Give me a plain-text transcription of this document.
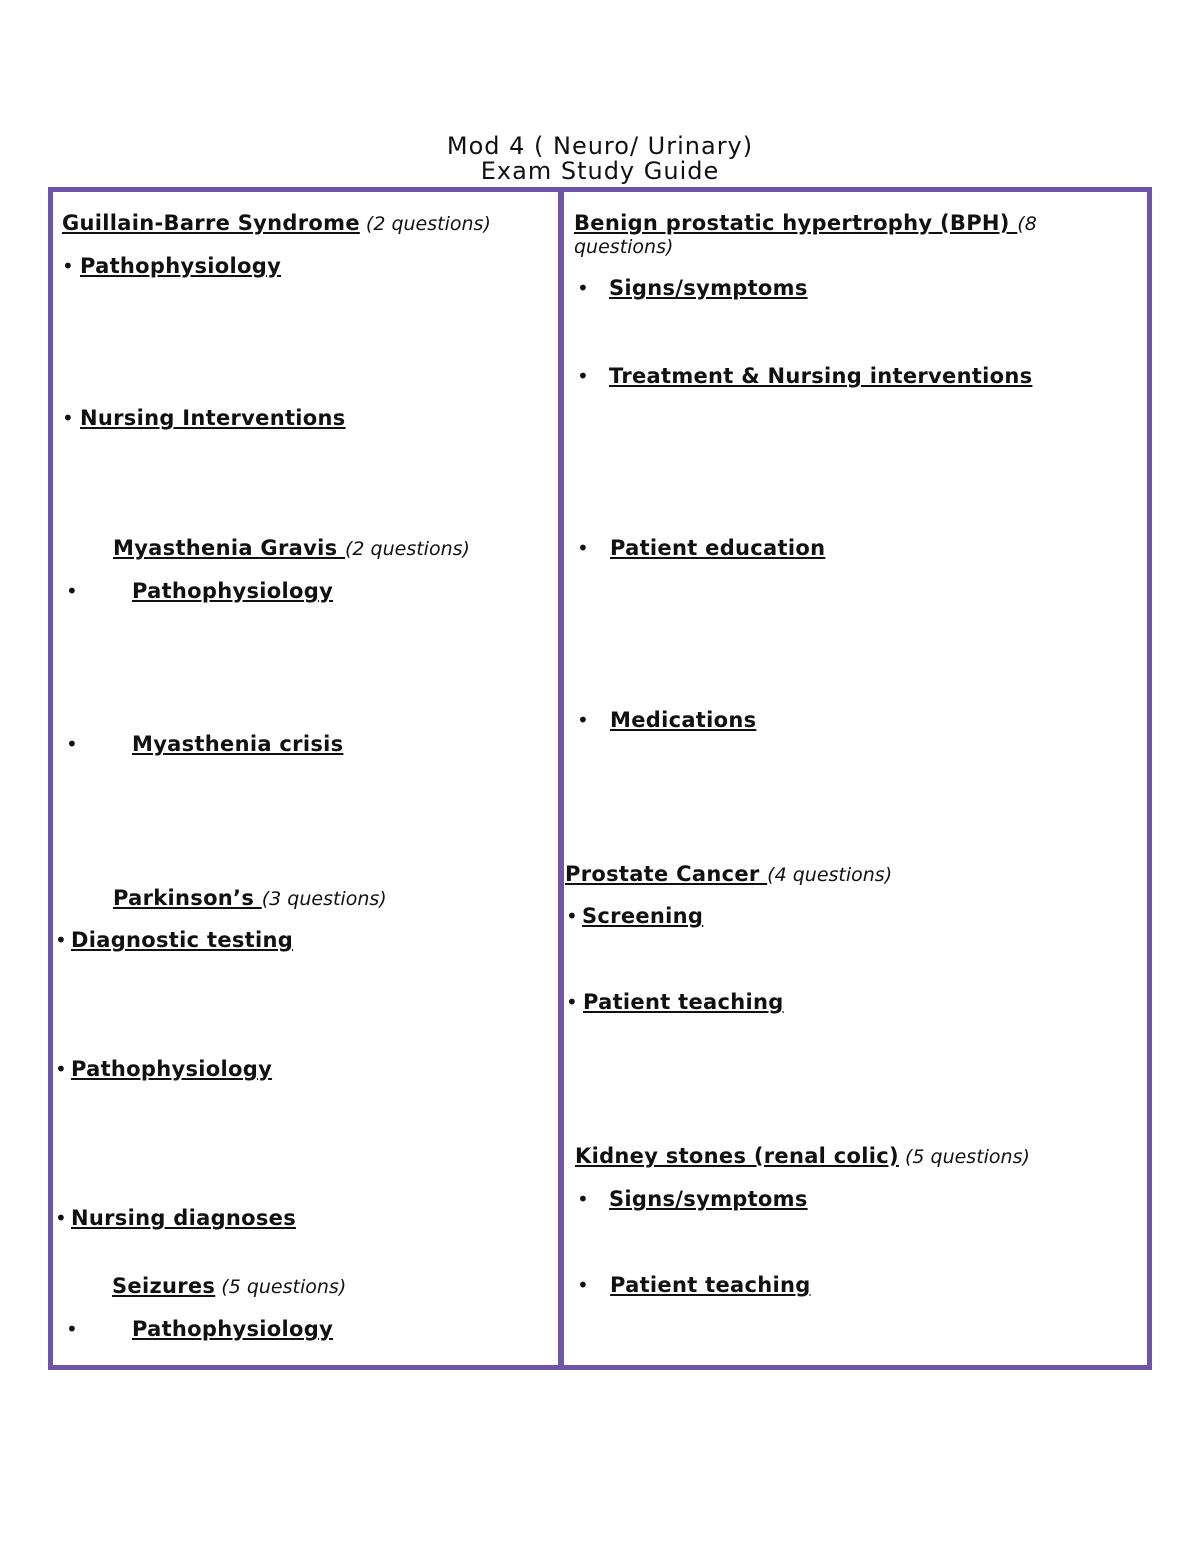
Mod 4 ( Neuro/ Urinary)
Exam Study Guide
Guillain-Barre Syndrome (2 questions)
• Pathophysiology
• Nursing Interventions
Myasthenia Gravis (2 questions)
•	Pathophysiology
•	Myasthenia crisis
Parkinson’s (3 questions)
• Diagnostic testing
• Pathophysiology
• Nursing diagnoses
Seizures (5 questions)
•	Pathophysiology
Benign prostatic hypertrophy (BPH) (8
questions)
• Signs/symptoms
• Treatment & Nursing interventions
• Patient education
• Medications
Prostate Cancer (4 questions)
• Screening
• Patient teaching
Kidney stones (renal colic) (5 questions)
• Signs/symptoms
• Patient teaching
